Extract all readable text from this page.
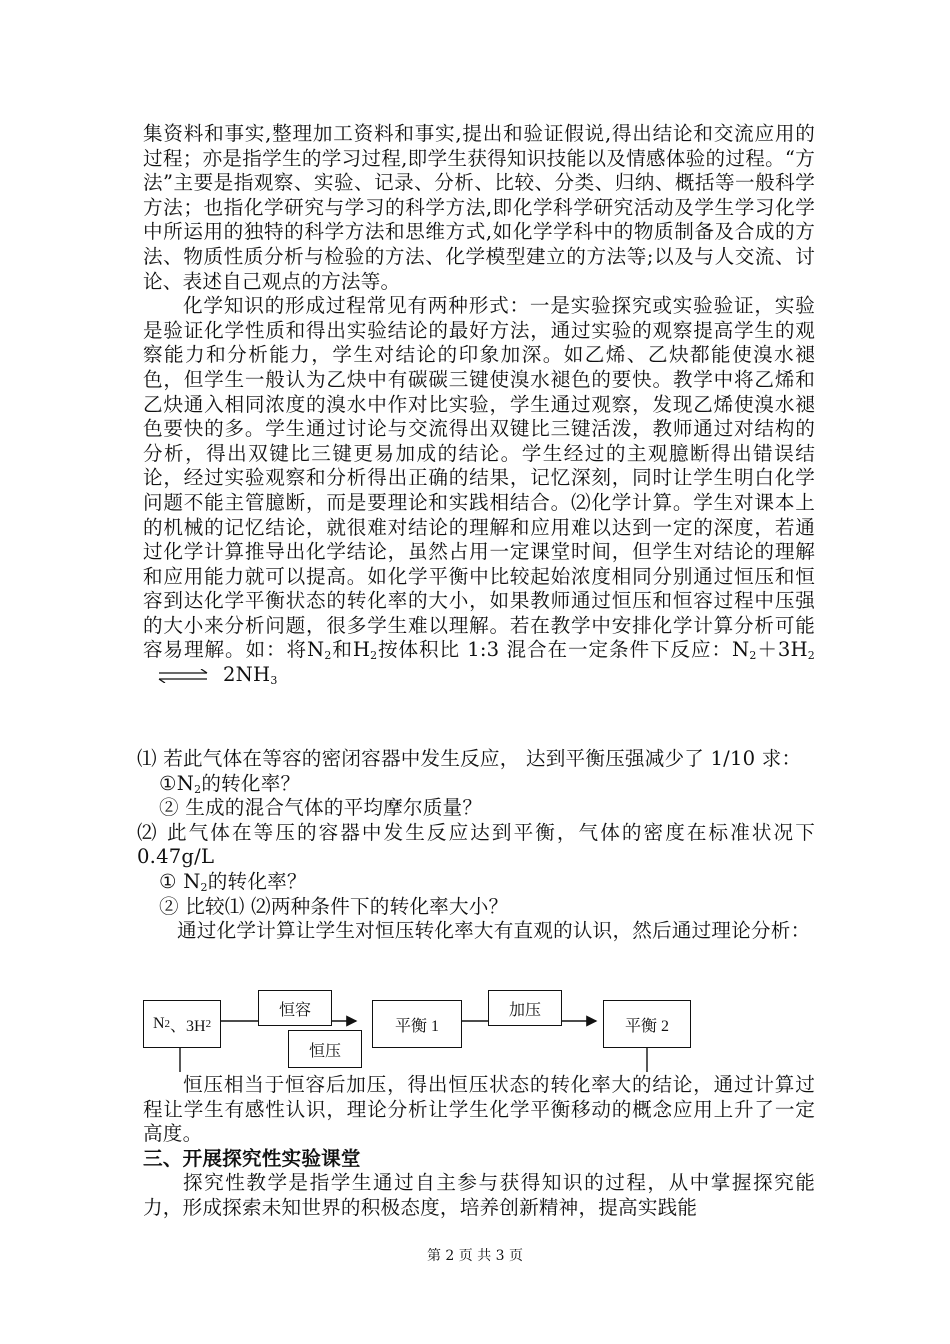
集资料和事实,整理加工资料和事实,提出和验证假说,得出结论和交流应用的过程；亦是指学生的学习过程,即学生获得知识技能以及情感体验的过程。“方法”主要是指观察、实验、记录、分析、比较、分类、归纳、概括等一般科学方法；也指化学研究与学习的科学方法,即化学科学研究活动及学生学习化学中所运用的独特的科学方法和思维方式,如化学学科中的物质制备及合成的方法、物质性质分析与检验的方法、化学模型建立的方法等;以及与人交流、讨论、表述自己观点的方法等。

化学知识的形成过程常见有两种形式：一是实验探究或实验验证，实验是验证化学性质和得出实验结论的最好方法，通过实验的观察提高学生的观察能力和分析能力，学生对结论的印象加深。如乙烯、乙炔都能使溴水褪色，但学生一般认为乙炔中有碳碳三键使溴水褪色的要快。教学中将乙烯和乙炔通入相同浓度的溴水中作对比实验，学生通过观察，发现乙烯使溴水褪色要快的多。学生通过讨论与交流得出双键比三键活泼，教师通过对结构的分析，得出双键比三键更易加成的结论。学生经过的主观臆断得出错误结论，经过实验观察和分析得出正确的结果，记忆深刻，同时让学生明白化学问题不能主管臆断，而是要理论和实践相结合。⑵化学计算。学生对课本上的机械的记忆结论，就很难对结论的理解和应用难以达到一定的深度，若通过化学计算推导出化学结论，虽然占用一定课堂时间，但学生对结论的理解和应用能力就可以提高。如化学平衡中比较起始浓度相同分别通过恒压和恒容到达化学平衡状态的转化率的大小，如果教师通过恒压和恒容过程中压强的大小来分析问题，很多学生难以理解。若在教学中安排化学计算分析可能容易理解。如：将$N_2$和$H_2$按体积比 1:3 混合在一定条件下反应：$N_2+3H_2\rightleftharpoons$ $2NH_3$

⑴ 若此气体在等容的密闭容器中发生反应， 达到平衡压强减少了 1/10 求：

$①N_2$的转化率？

② 生成的混合气体的平均摩尔质量？

⑵ 此气体在等压的容器中发生反应达到平衡，气体的密度在标准状况下 0.47g/L

① $N_2$的转化率？

② 比较⑴ ⑵两种条件下的转化率大小？

通过化学计算让学生对恒压转化率大有直观的认识，然后通过理论分析：

N 2 、3H 2
恒容
恒压
平衡 1
加压
平衡 2

恒压相当于恒容后加压，得出恒压状态的转化率大的结论，通过计算过程让学生有感性认识，理论分析让学生化学平衡移动的概念应用上升了一定高度。

三、开展探究性实验课堂

探究性教学是指学生通过自主参与获得知识的过程，从中掌握探究能力，形成探索未知世界的积极态度，培养创新精神，提高实践能

第 2 页 共 3 页
